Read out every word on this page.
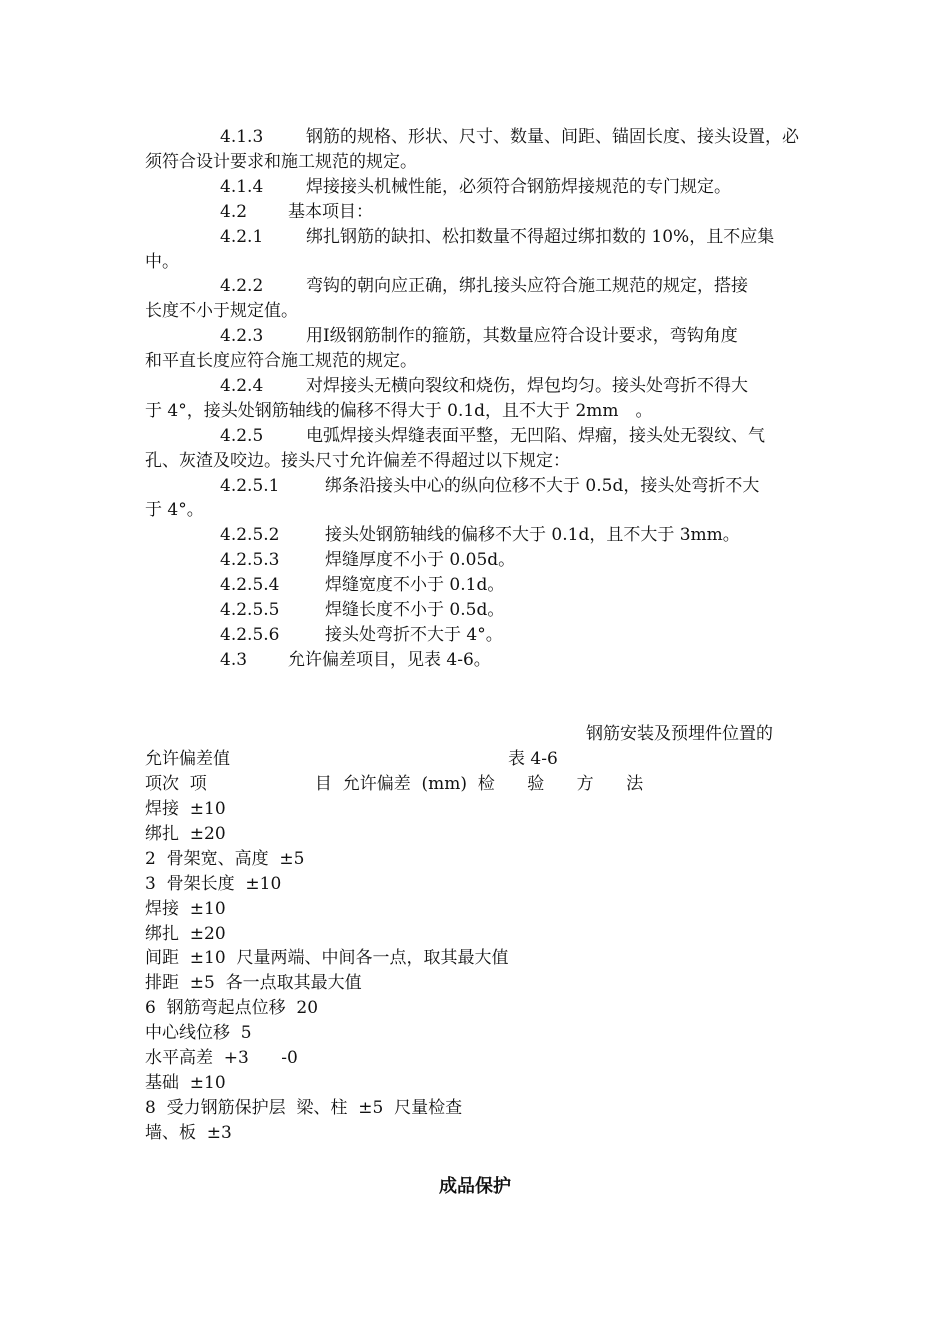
4.1.3	钢筋的规格、形状、尺寸、数量、间距、锚固长度、接头设置，必
须符合设计要求和施工规范的规定。
4.1.4	焊接接头机械性能，必须符合钢筋焊接规范的专门规定。
4.2 基本项目：
4.2.1	绑扎钢筋的缺扣、松扣数量不得超过绑扣数的 10%，且不应集
中。
4.2.2	弯钩的朝向应正确，绑扎接头应符合施工规范的规定，搭接
长度不小于规定值。
4.2.3	用Ⅰ级钢筋制作的箍筋，其数量应符合设计要求，弯钩角度
和平直长度应符合施工规范的规定。
4.2.4	对焊接头无横向裂纹和烧伤，焊包均匀。接头处弯折不得大
于 4°，接头处钢筋轴线的偏移不得大于 0.1d，且不大于 2mm　。
4.2.5	电弧焊接头焊缝表面平整，无凹陷、焊瘤，接头处无裂纹、气
孔、灰渣及咬边。接头尺寸允许偏差不得超过以下规定：
4.2.5.1	绑条沿接头中心的纵向位移不大于 0.5d，接头处弯折不大
于 4°。
4.2.5.2	接头处钢筋轴线的偏移不大于 0.1d，且不大于 3mm。
4.2.5.3	焊缝厚度不小于 0.05d。
4.2.5.4	焊缝宽度不小于 0.1d。
4.2.5.5	焊缝长度不小于 0.5d。
4.2.5.6	接头处弯折不大于 4°。
4.3 允许偏差项目，见表 4-6。
钢筋安装及预埋件位置的
允许偏差值	表 4-6
项次  项                    目  允许偏差  (mm)  检      验      方      法
焊接  ±10
绑扎  ±20
2  骨架宽、高度  ±5
3  骨架长度  ±10
焊接  ±10
绑扎  ±20
间距  ±10  尺量两端、中间各一点，取其最大值
排距  ±5  各一点取其最大值
6  钢筋弯起点位移  20
中心线位移  5
水平高差  +3      -0
基础  ±10
8  受力钢筋保护层  梁、柱  ±5  尺量检查
墙、板  ±3
成品保护
